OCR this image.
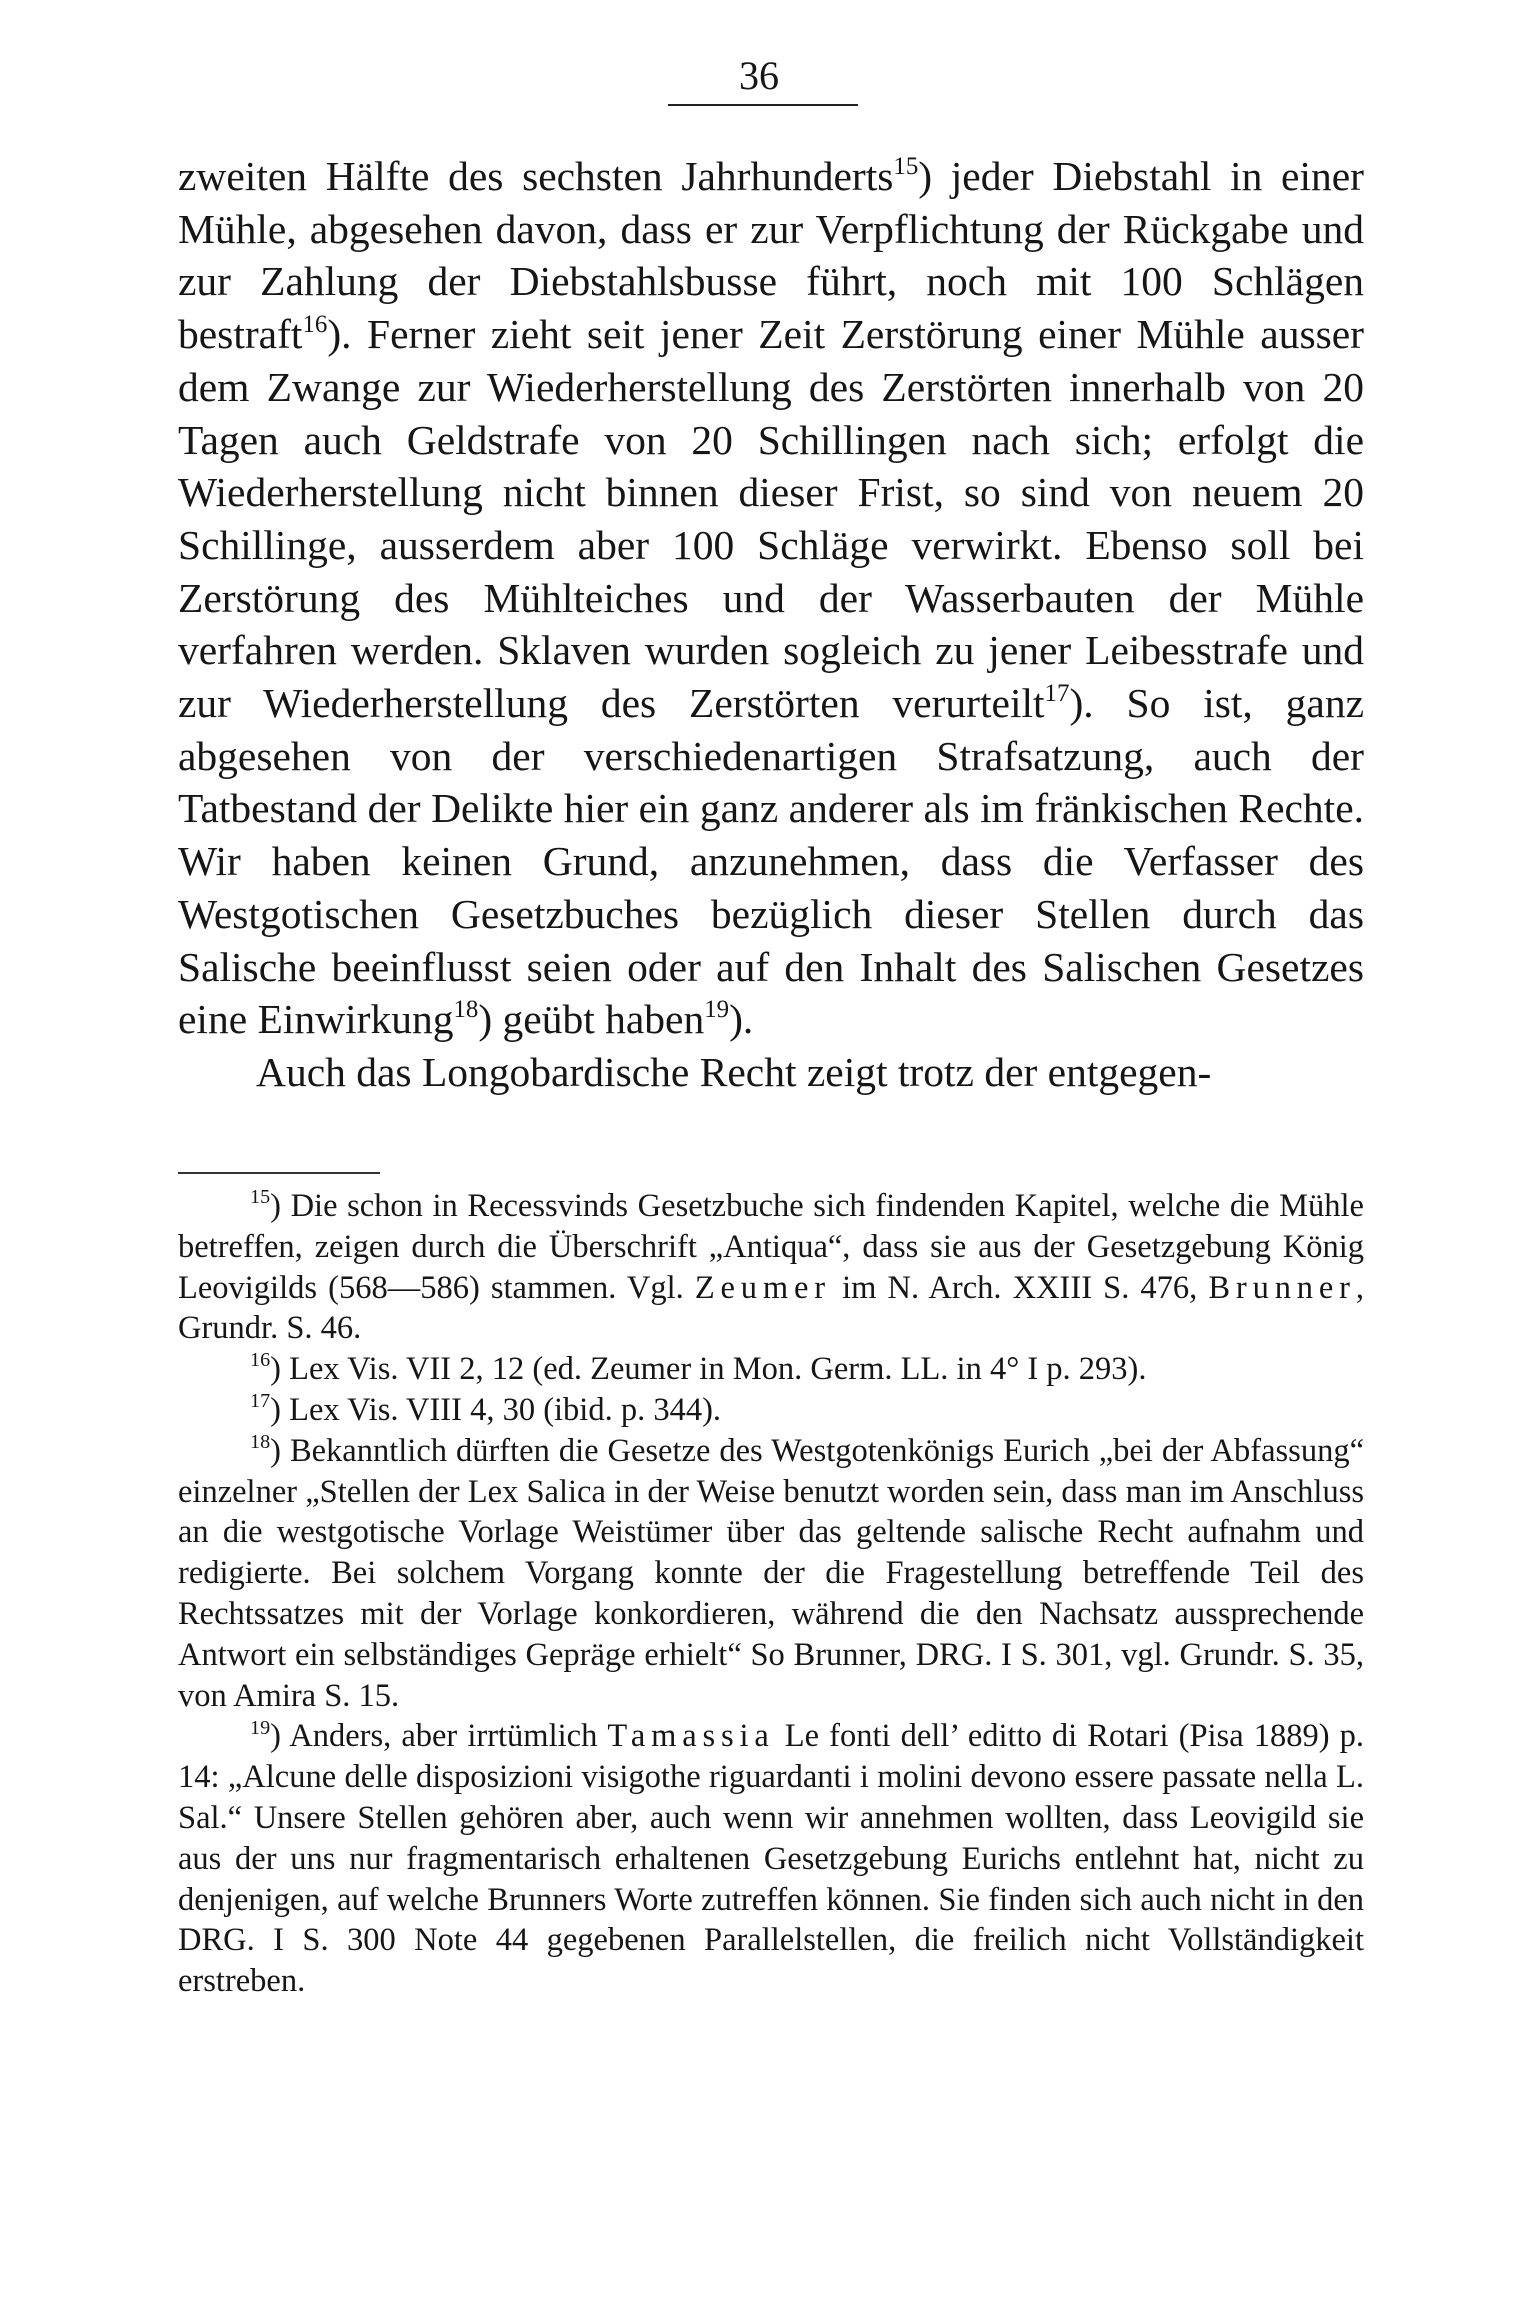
36

zweiten Hälfte des sechsten Jahrhunderts$^{15}$) jeder Diebstahl in einer Mühle, abgesehen davon, dass er zur Verpflichtung der Rückgabe und zur Zahlung der Diebstahlsbusse führt, noch mit 100 Schlägen bestraft$^{16}$). Ferner zieht seit jener Zeit Zerstörung einer Mühle ausser dem Zwange zur Wiederherstellung des Zerstörten innerhalb von 20 Tagen auch Geldstrafe von 20 Schillingen nach sich; erfolgt die Wiederherstellung nicht binnen dieser Frist, so sind von neuem 20 Schillinge, ausserdem aber 100 Schläge verwirkt. Ebenso soll bei Zerstörung des Mühlteiches und der Wasserbauten der Mühle verfahren werden. Sklaven wurden sogleich zu jener Leibesstrafe und zur Wiederherstellung des Zerstörten verurteilt$^{17}$). So ist, ganz abgesehen von der verschiedenartigen Strafsatzung, auch der Tatbestand der Delikte hier ein ganz anderer als im fränkischen Rechte. Wir haben keinen Grund, anzunehmen, dass die Verfasser des Westgotischen Gesetzbuches bezüglich dieser Stellen durch das Salische beeinflusst seien oder auf den Inhalt des Salischen Gesetzes eine Einwirkung$^{18}$) geübt haben$^{19}$).

Auch das Longobardische Recht zeigt trotz der entgegen-

$^{15}$) Die schon in Recessvinds Gesetzbuche sich findenden Kapitel, welche die Mühle betreffen, zeigen durch die Überschrift „Antiqua“, dass sie aus der Gesetzgebung König Leovigilds (568—586) stammen. Vgl. Zeumer im N. Arch. XXIII S. 476, Brunner, Grundr. S. 46.

$^{16}$) Lex Vis. VII 2, 12 (ed. Zeumer in Mon. Germ. LL. in 4° I p. 293).

$^{17}$) Lex Vis. VIII 4, 30 (ibid. p. 344).

$^{18}$) Bekanntlich dürften die Gesetze des Westgotenkönigs Eurich „bei der Abfassung“ einzelner „Stellen der Lex Salica in der Weise benutzt worden sein, dass man im Anschluss an die westgotische Vorlage Weistümer über das geltende salische Recht aufnahm und redigierte. Bei solchem Vorgang konnte der die Fragestellung betreffende Teil des Rechtssatzes mit der Vorlage konkordieren, während die den Nachsatz aussprechende Antwort ein selbständiges Gepräge erhielt“ So Brunner, DRG. I S. 301, vgl. Grundr. S. 35, von Amira S. 15.

$^{19}$) Anders, aber irrtümlich Tamassia Le fonti dell’ editto di Rotari (Pisa 1889) p. 14: „Alcune delle disposizioni visigothe riguardanti i molini devono essere passate nella L. Sal.“ Unsere Stellen gehören aber, auch wenn wir annehmen wollten, dass Leovigild sie aus der uns nur fragmentarisch erhaltenen Gesetzgebung Eurichs entlehnt hat, nicht zu denjenigen, auf welche Brunners Worte zutreffen können. Sie finden sich auch nicht in den DRG. I S. 300 Note 44 gegebenen Parallelstellen, die freilich nicht Vollständigkeit erstreben.
